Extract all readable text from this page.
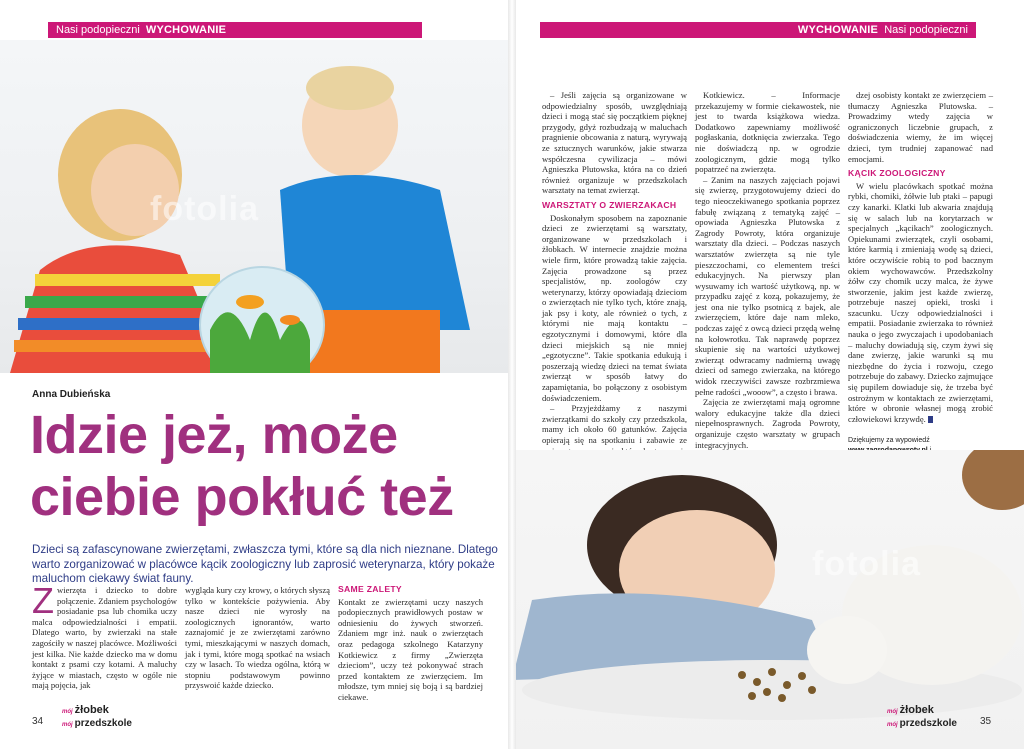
Nasi podopieczni WYCHOWANIE
fotolia
Anna Dubieńska
Idzie jeż, może
ciebie pokłuć też
Dzieci są zafascynowane zwierzętami, zwłaszcza tymi, które są dla nich nieznane. Dlatego warto zorganizować w placówce kącik zoologiczny lub zaprosić weterynarza, który pokaże maluchom ciekawy świat fauny.
Z wierzęta i dziecko to dobre połączenie. Zdaniem psychologów posiadanie psa lub chomika uczy malca odpowiedzialności i empatii. Dlatego warto, by zwierzaki na stałe zagościły w naszej placówce. Możliwości jest kilka. Nie każde dziecko ma w domu kontakt z psami czy kotami. A maluchy żyjące w miastach, często w ogóle nie mają pojęcia, jak
wygląda kury czy krowy, o których słyszą tylko w kontekście pożywienia. Aby nasze dzieci nie wyrosły na zoologicznych ignorantów, warto zaznajomić je ze zwierzętami zarówno tymi, mieszkającymi w naszych domach, jak i tymi, które mogą spotkać na wsiach czy w lasach. To wiedza ogólna, którą w stopniu podstawowym powinno przyswoić każde dziecko.
SAME ZALETY
Kontakt ze zwierzętami uczy naszych podopiecznych prawidłowych postaw w odniesieniu do żywych stworzeń. Zdaniem mgr inż. nauk o zwierzętach oraz pedagoga szkolnego Katarzyny Kotkiewicz z firmy „Zwierzęta dzieciom”, uczy też pokonywać strach przed kontaktem ze zwierzęciem. Im młodsze, tym mniej się boją i są bardziej ciekawe.
34
mój żłobek
mój przedszkole
WYCHOWANIE Nasi podopieczni

– Jeśli zajęcia są organizowane w odpowiedzialny sposób, uwzględniają dzieci i mogą stać się początkiem pięknej przygody, gdyż rozbudzają w maluchach pragnienie obcowania z naturą, wyrywają ze sztucznych warunków, jakie stwarza współczesna cywilizacja – mówi Agnieszka Plutowska, która na co dzień również organizuje w przedszkolach warsztaty na temat zwierząt.

WARSZTATY O ZWIERZAKACH

Doskonałym sposobem na zapoznanie dzieci ze zwierzętami są warsztaty, organizowane w przedszkolach i żłobkach. W internecie znajdzie można wiele firm, które prowadzą takie zajęcia. Zajęcia prowadzone są przez specjalistów, np. zoologów czy weterynarzy, którzy opowiadają dzieciom o zwierzętach nie tylko tych, które znają, jak psy i koty, ale również o tych, z którymi nie mają kontaktu – egzotycznymi i domowymi, które dla dzieci miejskich są nie mniej „egzotyczne”. Takie spotkania edukują i poszerzają wiedzę dzieci na temat świata zwierząt w sposób łatwy do zapamiętania, bo połączony z osobistym doświadczeniem.

– Przyjeżdżamy z naszymi zwierzątkami do szkoły czy przedszkola, mamy ich około 60 gatunków. Zajęcia opierają się na spotkaniu i zabawie ze

Kotkiewicz. – Informacje przekazujemy w formie ciekawostek, nie jest to twarda książkowa wiedza. Dodatkowo zapewniamy możliwość pogłaskania, dotknięcia zwierzaka. Tego nie doświadczą np. w ogrodzie zoologicznym, gdzie mogą tylko popatrzeć na zwierzęta.

– Zanim na naszych zajęciach pojawi się zwierzę, przygotowujemy dzieci do tego nieoczekiwanego spotkania poprzez fabułę związaną z tematyką zajęć – opowiada Agnieszka Plutowska z Zagrody Powroty, która organizuje warsztaty dla dzieci. – Podczas naszych warsztatów zwierzęta są nie tyle pieszczochami, co elementem treści edukacyjnych. Na pierwszy plan wysuwamy ich wartość użytkową, np. w przypadku zajęć z kozą, pokazujemy, że jest ona nie tylko psotnicą z bajek, ale zwierzęciem, które daje nam mleko, podczas zajęć z owcą dzieci przędą wełnę na kołowrotku. Tak naprawdę poprzez skupienie się na wartości użytkowej zwierząt odwracamy nadmierną uwagę dzieci od samego zwierzaka, na którego widok rzeczywiści zawsze rozbrzmiewa pełne radości „wooow”, a często i brawa.

Zajęcia ze zwierzętami mają ogromne walory edukacyjne także dla dzieci niepełnosprawnych. Zagroda Powroty, organizuje często warsztaty w grupach integracyjnych.

dzej osobisty kontakt ze zwierzęciem – tłumaczy Agnieszka Plutowska. – Prowadzimy wtedy zajęcia w ograniczonych liczebnie grupach, z doświadczenia wiemy, że im więcej dzieci, tym trudniej zapanować nad emocjami.

KĄCIK ZOOLOGICZNY

W wielu placówkach spotkać można rybki, chomiki, żółwie lub ptaki – papugi czy kanarki. Klatki lub akwaria znajdują się w salach lub na korytarzach w specjalnych „kącikach” zoologicznych. Opiekunami zwierzątek, czyli osobami, które karmią i zmieniają wodę są dzieci, które oczywiście robią to pod bacznym okiem wychowawców. Przedszkolny żółw czy chomik uczy malca, że żywe stworzenie, jakim jest każde zwierzę, potrzebuje naszej opieki, troski i szacunku. Uczy odpowiedzialności i empatii. Posiadanie zwierzaka to również nauka o jego zwyczajach i upodobaniach – maluchy dowiadują się, czym żywi się dane zwierzę, jakie warunki są mu niezbędne do życia i rozwoju, czego potrzebuje do zabawy. Dziecko zajmujące się pupilem dowiaduje się, że trzeba być ostrożnym w kontaktach ze zwierzętami, które w obronie własnej mogą zrobić człowiekowi krzywdę.

Dziękujemy za wypowiedź
fotolia
mój żłobek
mój przedszkole 35
